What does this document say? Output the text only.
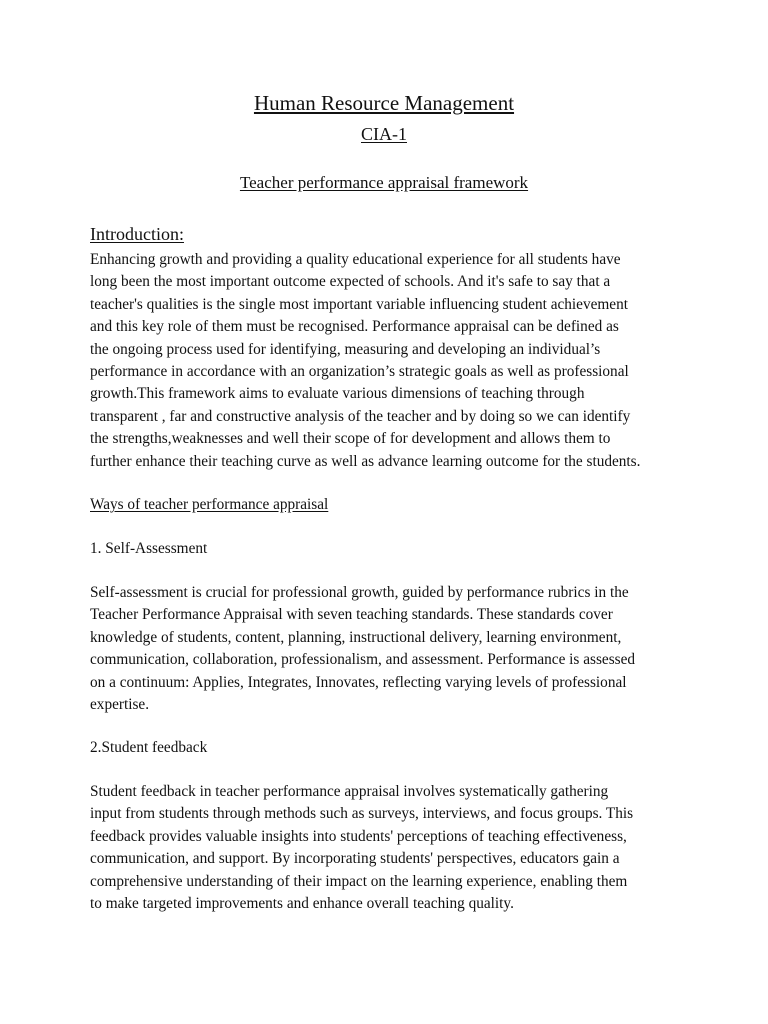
Human Resource Management
CIA-1
Teacher performance appraisal framework
Introduction:
Enhancing growth and providing a quality educational experience for all students have
long been the most important outcome expected of schools. And it's safe to say that a
teacher's qualities is the single most important variable influencing student achievement
and this key role of them must be recognised. Performance appraisal can be defined as
the ongoing process used for identifying, measuring and developing an individual’s
performance in accordance with an organization’s strategic goals as well as professional
growth.This framework aims to evaluate various dimensions of teaching through
transparent , far and constructive analysis of the teacher and by doing so we can identify
the strengths,weaknesses and well their scope of for development and allows them to
further enhance their teaching curve as well as advance learning outcome for the students.
Ways of teacher performance appraisal
1. Self-Assessment
Self-assessment is crucial for professional growth, guided by performance rubrics in the
Teacher Performance Appraisal with seven teaching standards. These standards cover
knowledge of students, content, planning, instructional delivery, learning environment,
communication, collaboration, professionalism, and assessment. Performance is assessed
on a continuum: Applies, Integrates, Innovates, reflecting varying levels of professional
expertise.
2.Student feedback
Student feedback in teacher performance appraisal involves systematically gathering
input from students through methods such as surveys, interviews, and focus groups. This
feedback provides valuable insights into students' perceptions of teaching effectiveness,
communication, and support. By incorporating students' perspectives, educators gain a
comprehensive understanding of their impact on the learning experience, enabling them
to make targeted improvements and enhance overall teaching quality.
